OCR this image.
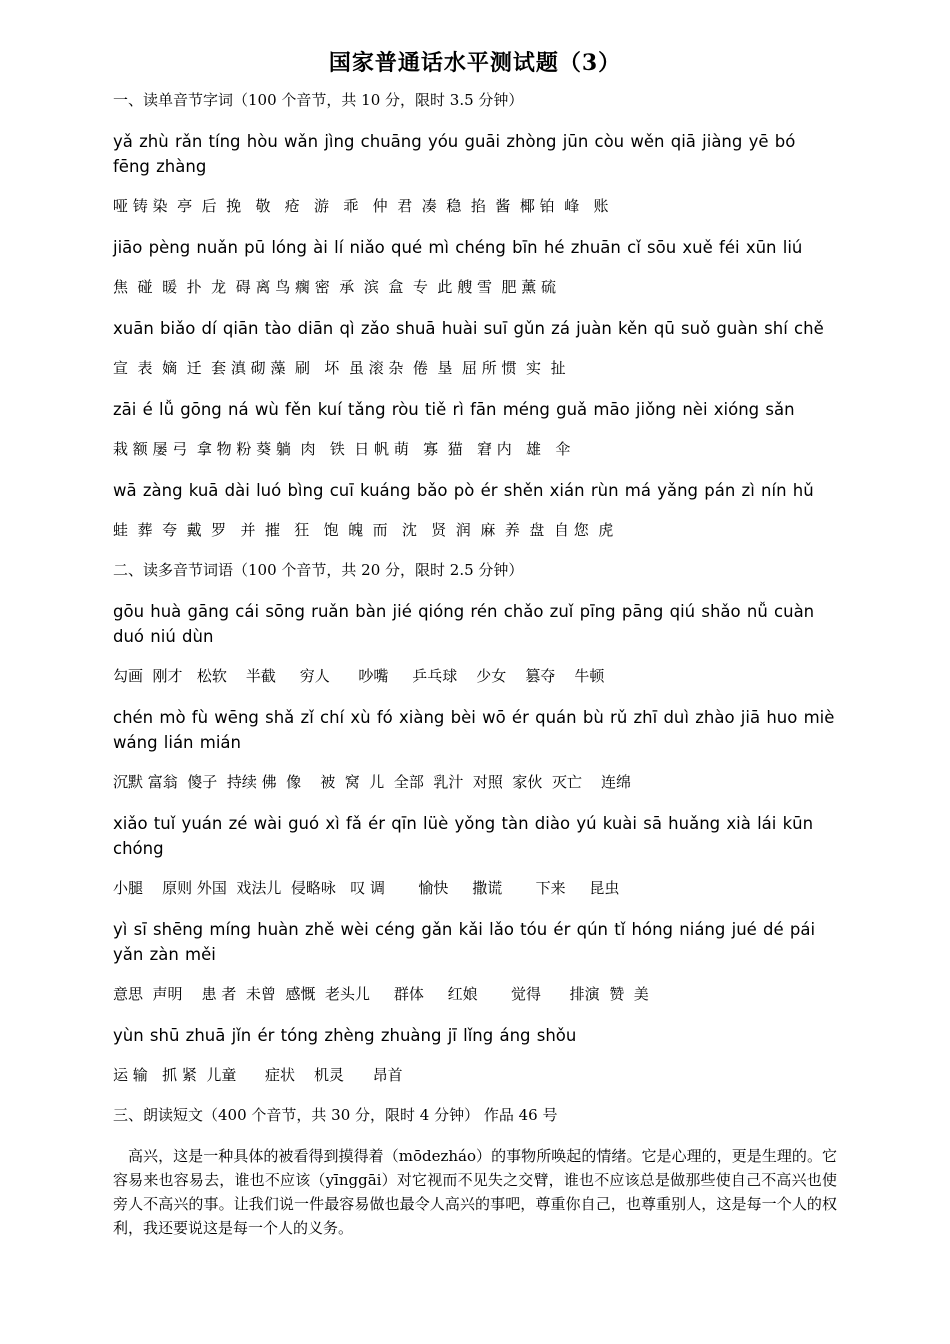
国家普通话水平测试题（3）
一、读单音节字词（100 个音节，共 10 分，限时 3.5 分钟）
yǎ zhù rǎn tíng hòu wǎn jìng chuāng yóu guāi zhòng jūn còu wěn qiā jiàng yē bó fēng zhàng
哑 铸 染  亭  后  挽   敬   疮   游   乖   仲  君  凑  稳  掐  酱  椰 铂  峰   账
jiāo pèng nuǎn pū lóng ài lí niǎo qué mì chéng bīn hé zhuān cǐ sōu xuě féi xūn liú
焦  碰  暖  扑  龙  碍 离 鸟 瘸 密  承  滨  盒  专  此 艘 雪  肥 薰 硫
xuān biǎo dí qiān tào diān qì zǎo shuā huài suī gǔn zá juàn kěn qū suǒ guàn shí chě
宣  表  嫡  迁  套 滇 砌 藻  刷   坏  虽 滚 杂  倦  垦  屈 所 惯  实  扯
zāi é lǚ gōng ná wù fěn kuí tǎng ròu tiě rì fān méng guǎ māo jiǒng nèi xióng sǎn
栽 额 屡 弓  拿 物 粉 葵 躺  肉   铁  日 帆 萌   寡  猫   窘 内   雄   伞
wā zàng kuā dài luó bìng cuī kuáng bǎo pò ér shěn xián rùn má yǎng pán zì nín hǔ
蛙  葬  夸  戴  罗   并  摧   狂   饱  魄  而   沈   贤  润  麻  养  盘  自 您  虎
二、读多音节词语（100 个音节，共 20 分，限时 2.5 分钟）
gōu huà gāng cái sōng ruǎn bàn jié qióng rén chǎo zuǐ pīng pāng qiú shǎo nǚ cuàn duó niú dùn
勾画  刚才   松软    半截     穷人      吵嘴     乒乓球    少女    篡夺    牛顿
chén mò fù wēng shǎ zǐ chí xù fó xiàng bèi wō ér quán bù rǔ zhī duì zhào jiā huo miè wáng lián mián
沉默 富翁  傻子  持续 佛  像    被  窝  儿  全部  乳汁  对照  家伙  灭亡    连绵
xiǎo tuǐ yuán zé wài guó xì fǎ ér qīn lüè yǒng tàn diào yú kuài sā huǎng xià lái kūn chóng
小腿    原则 外国  戏法儿  侵略咏   叹 调       愉快     撒谎       下来     昆虫
yì sī shēng míng huàn zhě wèi céng gǎn kǎi lǎo tóu ér qún tǐ hóng niáng jué dé pái yǎn zàn měi
意思  声明    患 者  未曾  感慨  老头儿     群体     红娘       觉得      排演  赞  美
yùn shū zhuā jǐn ér tóng zhèng zhuàng jī lǐng áng shǒu
运 输   抓 紧  儿童      症状    机灵      昂首
三、朗读短文（400 个音节，共 30 分，限时 4 分钟） 作品 46 号

高兴，这是一种具体的被看得到摸得着（mōdezháo）的事物所唤起的情绪。它是心理的，更是生理的。它容易来也容易去，谁也不应该（yīnggāi）对它视而不见失之交臂，谁也不应该总是做那些使自己不高兴也使旁人不高兴的事。让我们说一件最容易做也最令人高兴的事吧，尊重你自己，也尊重别人，这是每一个人的权利，我还要说这是每一个人的义务。
